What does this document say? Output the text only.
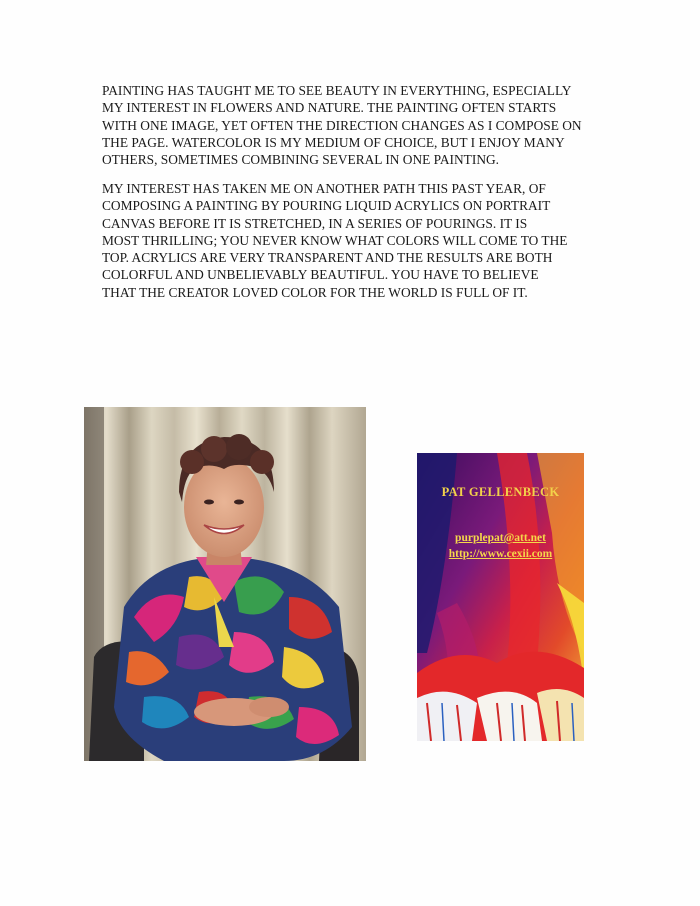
PAINTING HAS TAUGHT ME TO SEE BEAUTY IN EVERYTHING, ESPECIALLY
MY INTEREST IN FLOWERS AND NATURE. THE PAINTING OFTEN STARTS
WITH ONE IMAGE, YET OFTEN THE DIRECTION CHANGES AS I COMPOSE ON
THE PAGE. WATERCOLOR IS MY MEDIUM OF CHOICE, BUT I ENJOY MANY
OTHERS, SOMETIMES COMBINING SEVERAL IN ONE PAINTING.
MY INTEREST HAS TAKEN ME ON ANOTHER PATH THIS PAST YEAR, OF
COMPOSING A PAINTING BY POURING LIQUID ACRYLICS ON PORTRAIT
CANVAS BEFORE IT IS STRETCHED, IN A SERIES OF POURINGS. IT IS
MOST THRILLING; YOU NEVER KNOW WHAT COLORS WILL COME TO THE
TOP. ACRYLICS ARE VERY TRANSPARENT AND THE RESULTS ARE BOTH
COLORFUL AND UNBELIEVABLY BEAUTIFUL. YOU HAVE TO BELIEVE
THAT THE CREATOR LOVED COLOR FOR THE WORLD IS FULL OF IT.
PAT GELLENBECK
purplepat@att.net
http://www.cexii.com
